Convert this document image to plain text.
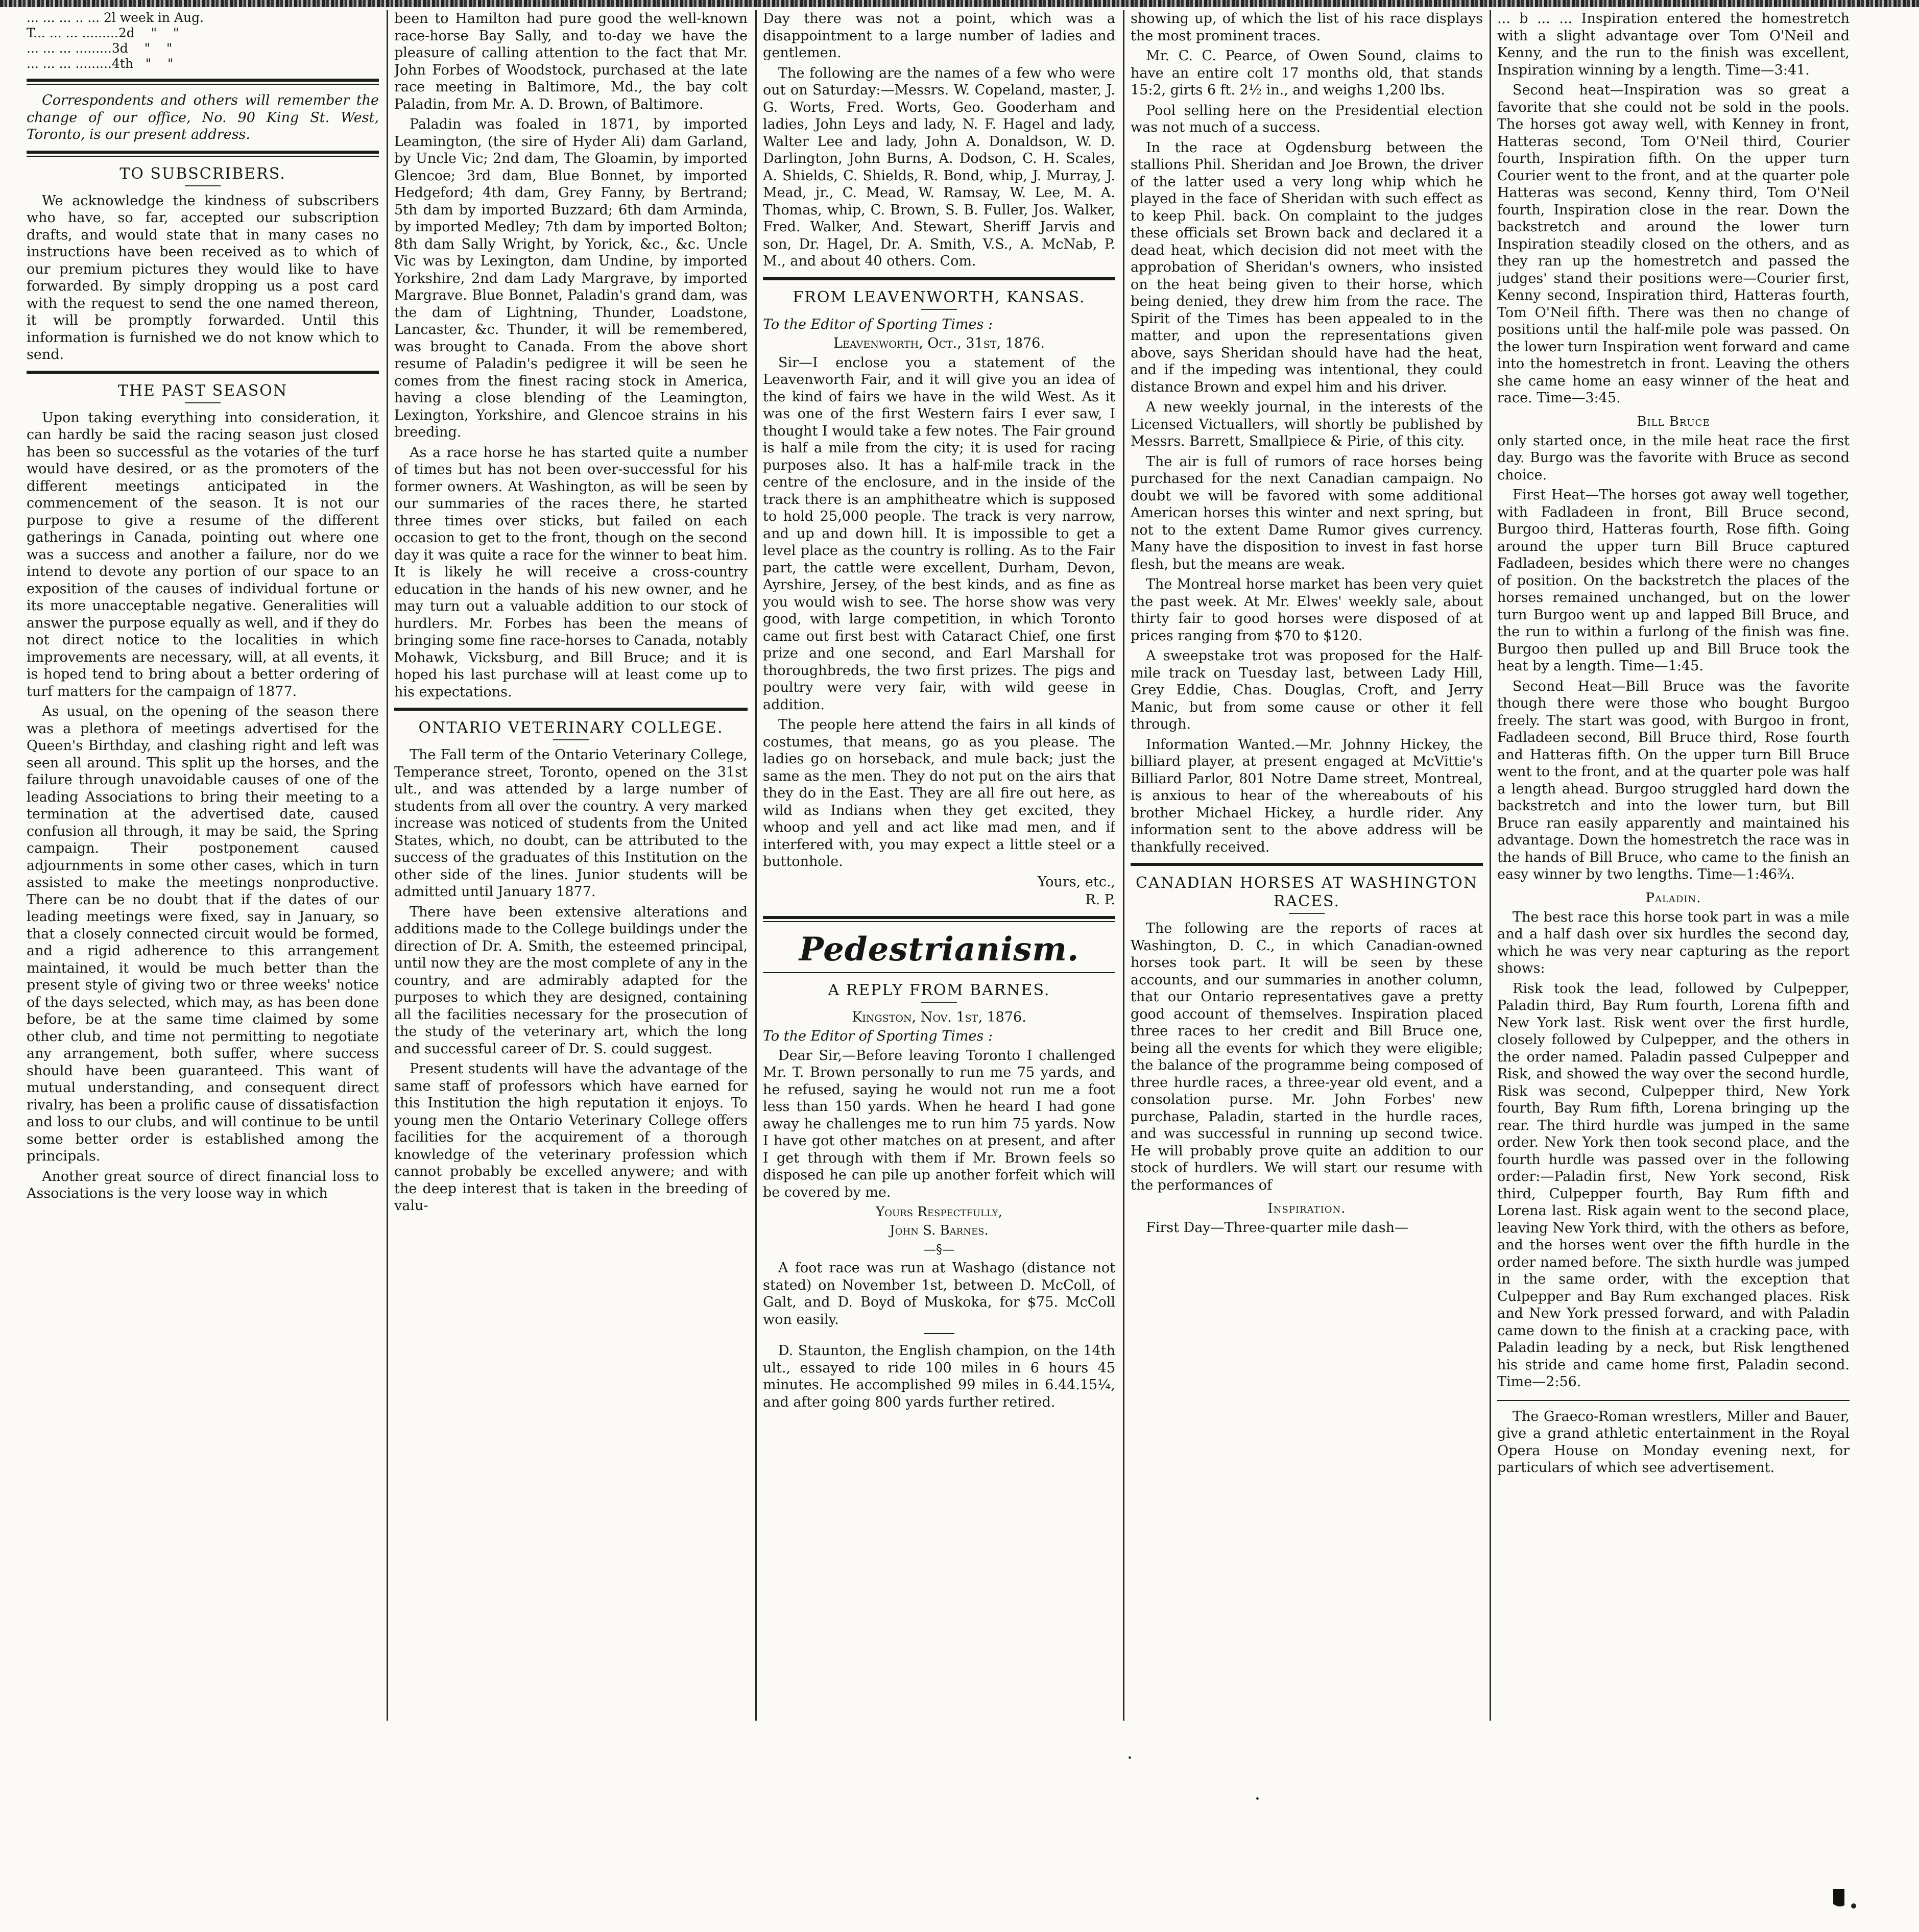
... ... ... .. ... 2l week in Aug.

T... ... ... .........2d    "    "

... ... ... .........3d    "    "

... ... ... .........4th   "    "

Correspondents and others will remember the change of our office, No. 90 King St. West, Toronto, is our present address.

TO SUBSCRIBERS.

We acknowledge the kindness of subscribers who have, so far, accepted our subscription drafts, and would state that in many cases no instructions have been received as to which of our premium pictures they would like to have forwarded. By simply dropping us a post card with the request to send the one named thereon, it will be promptly forwarded. Until this information is furnished we do not know which to send.

THE PAST SEASON

Upon taking everything into consideration, it can hardly be said the racing season just closed has been so successful as the votaries of the turf would have desired, or as the promoters of the different meetings anticipated in the commencement of the season. It is not our purpose to give a resume of the different gatherings in Canada, pointing out where one was a success and another a failure, nor do we intend to devote any portion of our space to an exposition of the causes of individual fortune or its more unacceptable negative. Generalities will answer the purpose equally as well, and if they do not direct notice to the localities in which improvements are necessary, will, at all events, it is hoped tend to bring about a better ordering of turf matters for the campaign of 1877.

As usual, on the opening of the season there was a plethora of meetings advertised for the Queen's Birthday, and clashing right and left was seen all around. This split up the horses, and the failure through unavoidable causes of one of the leading Associations to bring their meeting to a termination at the advertised date, caused confusion all through, it may be said, the Spring campaign. Their postponement caused adjournments in some other cases, which in turn assisted to make the meetings nonproductive. There can be no doubt that if the dates of our leading meetings were fixed, say in January, so that a closely connected circuit would be formed, and a rigid adherence to this arrangement maintained, it would be much better than the present style of giving two or three weeks' notice of the days selected, which may, as has been done before, be at the same time claimed by some other club, and time not permitting to negotiate any arrangement, both suffer, where success should have been guaranteed. This want of mutual understanding, and consequent direct rivalry, has been a prolific cause of dissatisfaction and loss to our clubs, and will continue to be until some better order is established among the principals.

Another great source of direct financial loss to Associations is the very loose way in which

been to Hamilton had pure good the well-known race-horse Bay Sally, and to-day we have the pleasure of calling attention to the fact that Mr. John Forbes of Woodstock, purchased at the late race meeting in Baltimore, Md., the bay colt Paladin, from Mr. A. D. Brown, of Baltimore.

Paladin was foaled in 1871, by imported Leamington, (the sire of Hyder Ali) dam Garland, by Uncle Vic; 2nd dam, The Gloamin, by imported Glencoe; 3rd dam, Blue Bonnet, by imported Hedgeford; 4th dam, Grey Fanny, by Bertrand; 5th dam by imported Buzzard; 6th dam Arminda, by imported Medley; 7th dam by imported Bolton; 8th dam Sally Wright, by Yorick, &c., &c. Uncle Vic was by Lexington, dam Undine, by imported Yorkshire, 2nd dam Lady Margrave, by imported Margrave. Blue Bonnet, Paladin's grand dam, was the dam of Lightning, Thunder, Loadstone, Lancaster, &c. Thunder, it will be remembered, was brought to Canada. From the above short resume of Paladin's pedigree it will be seen he comes from the finest racing stock in America, having a close blending of the Leamington, Lexington, Yorkshire, and Glencoe strains in his breeding.

As a race horse he has started quite a number of times but has not been over-successful for his former owners. At Washington, as will be seen by our summaries of the races there, he started three times over sticks, but failed on each occasion to get to the front, though on the second day it was quite a race for the winner to beat him. It is likely he will receive a cross-country education in the hands of his new owner, and he may turn out a valuable addition to our stock of hurdlers. Mr. Forbes has been the means of bringing some fine race-horses to Canada, notably Mohawk, Vicksburg, and Bill Bruce; and it is hoped his last purchase will at least come up to his expectations.

ONTARIO VETERINARY COLLEGE.

The Fall term of the Ontario Veterinary College, Temperance street, Toronto, opened on the 31st ult., and was attended by a large number of students from all over the country. A very marked increase was noticed of students from the United States, which, no doubt, can be attributed to the success of the graduates of this Institution on the other side of the lines. Junior students will be admitted until January 1877.

There have been extensive alterations and additions made to the College buildings under the direction of Dr. A. Smith, the esteemed principal, until now they are the most complete of any in the country, and are admirably adapted for the purposes to which they are designed, containing all the facilities necessary for the prosecution of the study of the veterinary art, which the long and successful career of Dr. S. could suggest.

Present students will have the advantage of the same staff of professors which have earned for this Institution the high reputation it enjoys. To young men the Ontario Veterinary College offers facilities for the acquirement of a thorough knowledge of the veterinary profession which cannot probably be excelled anywere; and with the deep interest that is taken in the breeding of valu-

Day there was not a point, which was a disappointment to a large number of ladies and gentlemen.

The following are the names of a few who were out on Saturday:—Messrs. W. Copeland, master, J. G. Worts, Fred. Worts, Geo. Gooderham and ladies, John Leys and lady, N. F. Hagel and lady, Walter Lee and lady, John A. Donaldson, W. D. Darlington, John Burns, A. Dodson, C. H. Scales, A. Shields, C. Shields, R. Bond, whip, J. Murray, J. Mead, jr., C. Mead, W. Ramsay, W. Lee, M. A. Thomas, whip, C. Brown, S. B. Fuller, Jos. Walker, Fred. Walker, And. Stewart, Sheriff Jarvis and son, Dr. Hagel, Dr. A. Smith, V.S., A. McNab, P. M., and about 40 others. Com.

FROM LEAVENWORTH, KANSAS.

To the Editor of Sporting Times :

Leavenworth, Oct., 31st, 1876.

Sir—I enclose you a statement of the Leavenworth Fair, and it will give you an idea of the kind of fairs we have in the wild West. As it was one of the first Western fairs I ever saw, I thought I would take a few notes. The Fair ground is half a mile from the city; it is used for racing purposes also. It has a half-mile track in the centre of the enclosure, and in the inside of the track there is an amphitheatre which is supposed to hold 25,000 people. The track is very narrow, and up and down hill. It is impossible to get a level place as the country is rolling. As to the Fair part, the cattle were excellent, Durham, Devon, Ayrshire, Jersey, of the best kinds, and as fine as you would wish to see. The horse show was very good, with large competition, in which Toronto came out first best with Cataract Chief, one first prize and one second, and Earl Marshall for thoroughbreds, the two first prizes. The pigs and poultry were very fair, with wild geese in addition.

The people here attend the fairs in all kinds of costumes, that means, go as you please. The ladies go on horseback, and mule back; just the same as the men. They do not put on the airs that they do in the East. They are all fire out here, as wild as Indians when they get excited, they whoop and yell and act like mad men, and if interfered with, you may expect a little steel or a buttonhole.

Yours, etc.,

R. P.

Pedestrianism.
A REPLY FROM BARNES.

Kingston, Nov. 1st, 1876.

To the Editor of Sporting Times :

Dear Sir,—Before leaving Toronto I challenged Mr. T. Brown personally to run me 75 yards, and he refused, saying he would not run me a foot less than 150 yards. When he heard I had gone away he challenges me to run him 75 yards. Now I have got other matches on at present, and after I get through with them if Mr. Brown feels so disposed he can pile up another forfeit which will be covered by me.

Yours Respectfully,

John S. Barnes.

—§—

A foot race was run at Washago (distance not stated) on November 1st, between D. McColl, of Galt, and D. Boyd of Muskoka, for $75. McColl won easily.

D. Staunton, the English champion, on the 14th ult., essayed to ride 100 miles in 6 hours 45 minutes. He accomplished 99 miles in 6.44.15¼, and after going 800 yards further retired.

showing up, of which the list of his race displays the most prominent traces.

Mr. C. C. Pearce, of Owen Sound, claims to have an entire colt 17 months old, that stands 15:2, girts 6 ft. 2½ in., and weighs 1,200 lbs.

Pool selling here on the Presidential election was not much of a success.

In the race at Ogdensburg between the stallions Phil. Sheridan and Joe Brown, the driver of the latter used a very long whip which he played in the face of Sheridan with such effect as to keep Phil. back. On complaint to the judges these officials set Brown back and declared it a dead heat, which decision did not meet with the approbation of Sheridan's owners, who insisted on the heat being given to their horse, which being denied, they drew him from the race. The Spirit of the Times has been appealed to in the matter, and upon the representations given above, says Sheridan should have had the heat, and if the impeding was intentional, they could distance Brown and expel him and his driver.

A new weekly journal, in the interests of the Licensed Victuallers, will shortly be published by Messrs. Barrett, Smallpiece & Pirie, of this city.

The air is full of rumors of race horses being purchased for the next Canadian campaign. No doubt we will be favored with some additional American horses this winter and next spring, but not to the extent Dame Rumor gives currency. Many have the disposition to invest in fast horse flesh, but the means are weak.

The Montreal horse market has been very quiet the past week. At Mr. Elwes' weekly sale, about thirty fair to good horses were disposed of at prices ranging from $70 to $120.

A sweepstake trot was proposed for the Half-mile track on Tuesday last, between Lady Hill, Grey Eddie, Chas. Douglas, Croft, and Jerry Manic, but from some cause or other it fell through.

Information Wanted.—Mr. Johnny Hickey, the billiard player, at present engaged at McVittie's Billiard Parlor, 801 Notre Dame street, Montreal, is anxious to hear of the whereabouts of his brother Michael Hickey, a hurdle rider. Any information sent to the above address will be thankfully received.

CANADIAN HORSES AT WASHINGTON RACES.

The following are the reports of races at Washington, D. C., in which Canadian-owned horses took part. It will be seen by these accounts, and our summaries in another column, that our Ontario representatives gave a pretty good account of themselves. Inspiration placed three races to her credit and Bill Bruce one, being all the events for which they were eligible; the balance of the programme being composed of three hurdle races, a three-year old event, and a consolation purse. Mr. John Forbes' new purchase, Paladin, started in the hurdle races, and was successful in running up second twice. He will probably prove quite an addition to our stock of hurdlers. We will start our resume with the performances of

Inspiration.

First Day—Three-quarter mile dash—

... b ... ... Inspiration entered the homestretch with a slight advantage over Tom O'Neil and Kenny, and the run to the finish was excellent, Inspiration winning by a length. Time—3:41.

Second heat—Inspiration was so great a favorite that she could not be sold in the pools. The horses got away well, with Kenney in front, Hatteras second, Tom O'Neil third, Courier fourth, Inspiration fifth. On the upper turn Courier went to the front, and at the quarter pole Hatteras was second, Kenny third, Tom O'Neil fourth, Inspiration close in the rear. Down the backstretch and around the lower turn Inspiration steadily closed on the others, and as they ran up the homestretch and passed the judges' stand their positions were—Courier first, Kenny second, Inspiration third, Hatteras fourth, Tom O'Neil fifth. There was then no change of positions until the half-mile pole was passed. On the lower turn Inspiration went forward and came into the homestretch in front. Leaving the others she came home an easy winner of the heat and race. Time—3:45.

Bill Bruce

only started once, in the mile heat race the first day. Burgo was the favorite with Bruce as second choice.

First Heat—The horses got away well together, with Fadladeen in front, Bill Bruce second, Burgoo third, Hatteras fourth, Rose fifth. Going around the upper turn Bill Bruce captured Fadladeen, besides which there were no changes of position. On the backstretch the places of the horses remained unchanged, but on the lower turn Burgoo went up and lapped Bill Bruce, and the run to within a furlong of the finish was fine. Burgoo then pulled up and Bill Bruce took the heat by a length. Time—1:45.

Second Heat—Bill Bruce was the favorite though there were those who bought Burgoo freely. The start was good, with Burgoo in front, Fadladeen second, Bill Bruce third, Rose fourth and Hatteras fifth. On the upper turn Bill Bruce went to the front, and at the quarter pole was half a length ahead. Burgoo struggled hard down the backstretch and into the lower turn, but Bill Bruce ran easily apparently and maintained his advantage. Down the homestretch the race was in the hands of Bill Bruce, who came to the finish an easy winner by two lengths. Time—1:46¾.

Paladin.

The best race this horse took part in was a mile and a half dash over six hurdles the second day, which he was very near capturing as the report shows:

Risk took the lead, followed by Culpepper, Paladin third, Bay Rum fourth, Lorena fifth and New York last. Risk went over the first hurdle, closely followed by Culpepper, and the others in the order named. Paladin passed Culpepper and Risk, and showed the way over the second hurdle, Risk was second, Culpepper third, New York fourth, Bay Rum fifth, Lorena bringing up the rear. The third hurdle was jumped in the same order. New York then took second place, and the fourth hurdle was passed over in the following order:—Paladin first, New York second, Risk third, Culpepper fourth, Bay Rum fifth and Lorena last. Risk again went to the second place, leaving New York third, with the others as before, and the horses went over the fifth hurdle in the order named before. The sixth hurdle was jumped in the same order, with the exception that Culpepper and Bay Rum exchanged places. Risk and New York pressed forward, and with Paladin came down to the finish at a cracking pace, with Paladin leading by a neck, but Risk lengthened his stride and came home first, Paladin second. Time—2:56.

The Graeco-Roman wrestlers, Miller and Bauer, give a grand athletic entertainment in the Royal Opera House on Monday evening next, for particulars of which see advertisement.
